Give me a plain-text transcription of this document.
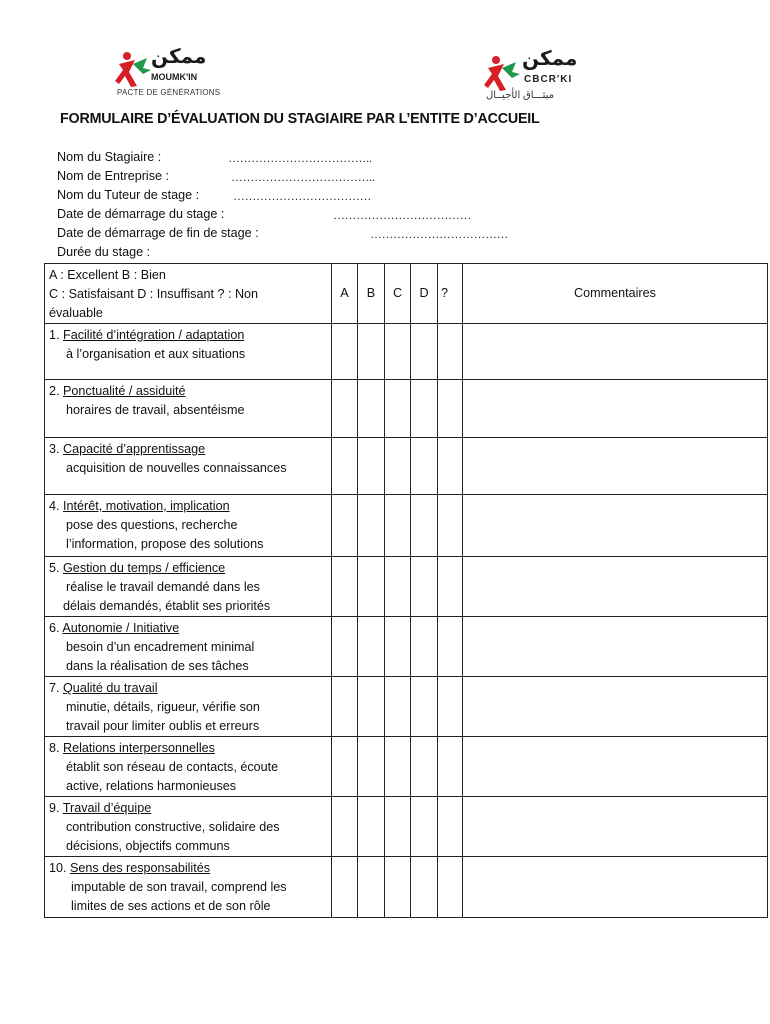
ممكن
MOUMK'IN
PACTE DE GÉNÉRATIONS
ممكن
CBCR'KI
ميثـــاق الأجيــال
FORMULAIRE D’ÉVALUATION DU STAGIAIRE PAR L’ENTITE D’ACCUEIL
Nom du Stagiaire :	………………………………..
Nom de Entreprise :	………………………………..
Nom du Tuteur de stage :	………………………………
Date de démarrage du stage :	………………………………
Date de démarrage de fin de stage :	………………………………
Durée du stage :
A : Excellent B : Bien
C : Satisfaisant D : Insuffisant ? : Non
évaluable	A	B	C	D	?	Commentaires
1. Facilité d’intégration / adaptation
à l’organisation et aux situations						

2. Ponctualité / assiduité
horaires de travail, absentéisme						

3. Capacité d’apprentissage
acquisition de nouvelles connaissances						

4. Intérêt, motivation, implication
pose des questions, recherche
l’information, propose des solutions						

5. Gestion du temps / efficience
réalise le travail demandé dans les
délais demandés, établit ses priorités						

6. Autonomie / Initiative
besoin d’un encadrement minimal
dans la réalisation de ses tâches						

7. Qualité du travail
minutie, détails, rigueur, vérifie son
travail pour limiter oublis et erreurs						

8. Relations interpersonnelles
établit son réseau de contacts, écoute
active, relations harmonieuses						

9. Travail d’équipe
contribution constructive, solidaire des
décisions, objectifs communs						

10. Sens des responsabilités
imputable de son travail, comprend les
limites de ses actions et de son rôle						
